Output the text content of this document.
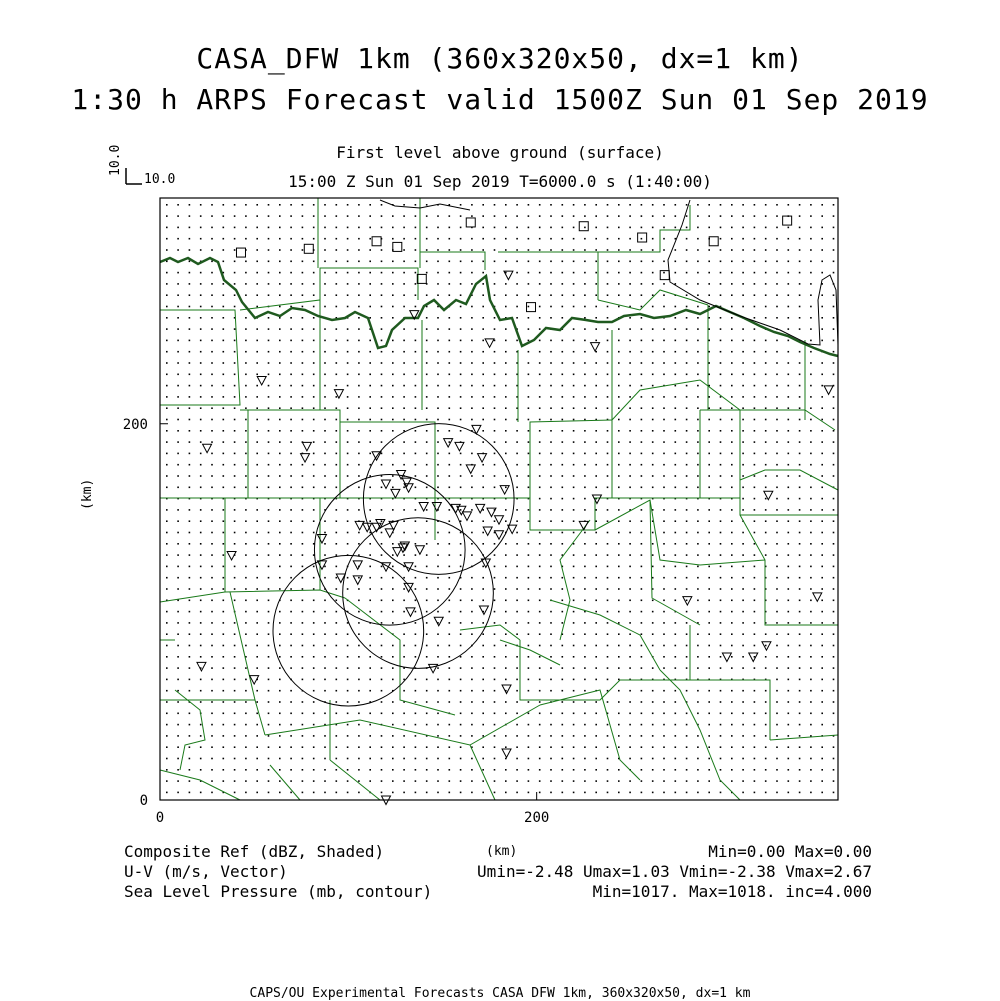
CASA_DFW 1km (360x320x50, dx=1 km)
1:30 h ARPS Forecast valid 1500Z Sun 01 Sep 2019
First level above ground (surface)
15:00 Z Sun 01 Sep 2019 T=6000.0 s (1:40:00)
10.0
10.0
0	200
0
200
(km)
(km)
Composite Ref (dBZ, Shaded)	Min=0.00 Max=0.00
U-V (m/s, Vector)	Umin=-2.48 Umax=1.03 Vmin=-2.38 Vmax=2.67
Sea Level Pressure (mb, contour)	Min=1017. Max=1018. inc=4.000
CAPS/OU Experimental Forecasts CASA DFW 1km, 360x320x50, dx=1 km
